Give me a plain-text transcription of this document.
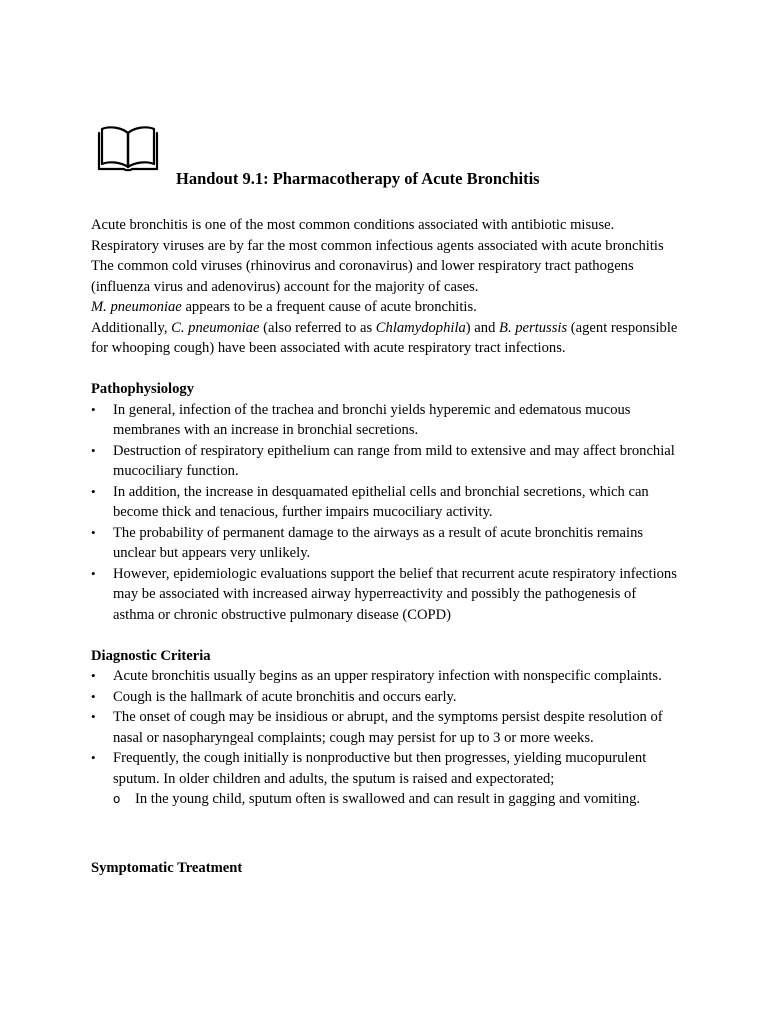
Handout 9.1: Pharmacotherapy of Acute Bronchitis

Acute bronchitis is one of the most common conditions associated with antibiotic misuse.

Respiratory viruses are by far the most common infectious agents associated with acute bronchitis

The common cold viruses (rhinovirus and coronavirus) and lower respiratory tract pathogens (influenza virus and adenovirus) account for the majority of cases.

M. pneumoniae appears to be a frequent cause of acute bronchitis.

Additionally, C. pneumoniae (also referred to as Chlamydophila) and B. pertussis (agent responsible for whooping cough) have been associated with acute respiratory tract infections.

Pathophysiology

• In general, infection of the trachea and bronchi yields hyperemic and edematous mucous membranes with an increase in bronchial secretions.
• Destruction of respiratory epithelium can range from mild to extensive and may affect bronchial mucociliary function.
• In addition, the increase in desquamated epithelial cells and bronchial secretions, which can become thick and tenacious, further impairs mucociliary activity.
• The probability of permanent damage to the airways as a result of acute bronchitis remains unclear but appears very unlikely.
• However, epidemiologic evaluations support the belief that recurrent acute respiratory infections may be associated with increased airway hyperreactivity and possibly the pathogenesis of asthma or chronic obstructive pulmonary disease (COPD)

Diagnostic Criteria

• Acute bronchitis usually begins as an upper respiratory infection with nonspecific complaints.
• Cough is the hallmark of acute bronchitis and occurs early.
• The onset of cough may be insidious or abrupt, and the symptoms persist despite resolution of nasal or nasopharyngeal complaints; cough may persist for up to 3 or more weeks.
• Frequently, the cough initially is nonproductive but then progresses, yielding mucopurulent sputum. In older children and adults, the sputum is raised and expectorated;
o In the young child, sputum often is swallowed and can result in gagging and vomiting.

Symptomatic Treatment
